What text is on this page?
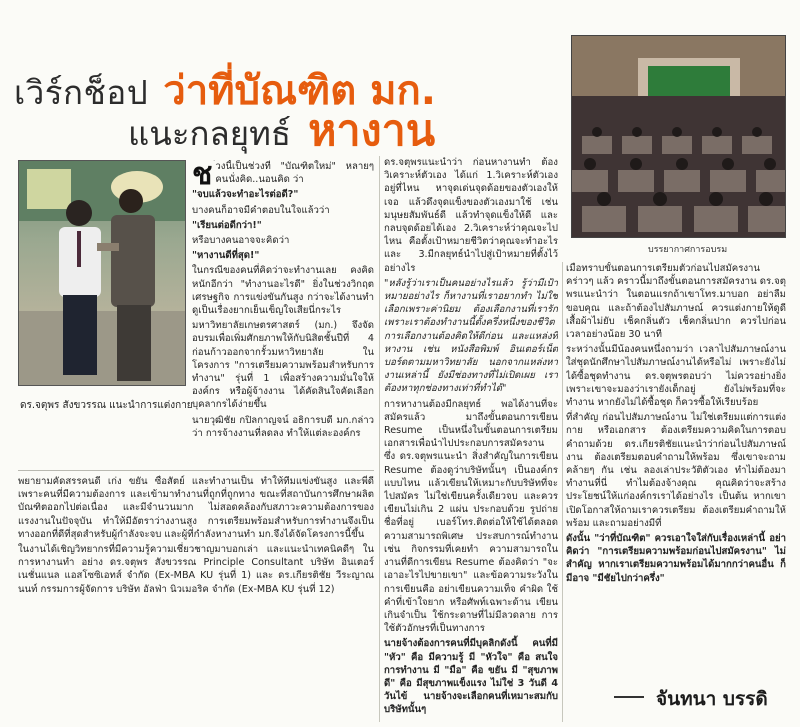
เวิร์กช็อป ว่าที่บัณฑิต มก.
แนะกลยุทธ์ หางาน
ดร.จตุพร สังขวรรณ แนะนำการแต่งกาย
บรรยากาศการอบรม

ช ่วงนี้เป็นช่วงที่ "บัณฑิตใหม่" หลายๆ คนนั่งคิด..นอนคิด ว่า

"จบแล้วจะทำอะไรต่อดี?"

บางคนก็อาจมีคำตอบในใจแล้วว่า

"เรียนต่อดีกว่า!"

หรือบางคนอาจจะคิดว่า

"หางานดีที่สุด!"

ในกรณีของคนที่คิดว่าจะทำงานเลย คงคิดหนักอีกว่า "ทำงานอะไรดี" ยิ่งในช่วงวิกฤตเศรษฐกิจ การแข่งขันกันสูง กว่าจะได้งานทำ ดูเป็นเรื่องยากเย็นเข็ญใจเสียนี่กระไร

มหาวิทยาลัยเกษตรศาสตร์ (มก.) จึงจัดอบรมเพื่อเพิ่มศักยภาพให้กับนิสิตชั้นปีที่ 4 ก่อนก้าวออกจากรั้วมหาวิทยาลัย ในโครงการ "การเตรียมความพร้อมสำหรับการทำงาน" รุ่นที่ 1 เพื่อสร้างความมั่นใจให้องค์กร หรือผู้จ้างงาน ได้คัดสินใจคัดเลือกบุคลากรได้ง่ายขึ้น

นายวุฒิชัย กปิลกาญจน์ อธิการบดี มก.กล่าวว่า การจ้างงานที่ลดลง ทำให้แต่ละองค์กร

พยายามคัดสรรคนดี เก่ง ขยัน ซื่อสัตย์ และทำงานเป็น ทำให้ทีมแข่งขันสูง และพี่ดีเพราะคนที่มีความต้องการ และเข้ามาทำงานที่ถูกที่ถูกทาง ขณะที่สถาบันการศึกษาผลิตบัณฑิตออกไปต่อเนื่อง และมีจำนวนมาก ไม่สอดคล้องกับสภาวะความต้องการของแรงงานในปัจจุบัน ทำให้มีอัตราว่างงานสูง การเตรียมพร้อมสำหรับการทำงานจึงเป็นทางออกที่ดีที่สุดสำหรับผู้กำลังจะจบ และผู้ที่กำลังหางานทำ มก.จึงได้จัดโครงการนี้ขึ้น

ในงานได้เชิญวิทยากรที่มีความรู้ความเชี่ยวชาญมาบอกเล่า และแนะนำเทคนิคดีๆ ในการหางานทำ อย่าง ดร.จตุพร สังขวรรณ Principle Consultant บริษัท อินเตอร์เนชั่นแนล แอสโซซิเอทส์ จำกัด (Ex-MBA KU รุ่นที่ 1) และ ดร.เกียรติชัย วีระญาณนนท์ กรรมการผู้จัดการ บริษัท อัลฟ่า นิวเมอริค จำกัด (Ex-MBA KU รุ่นที่ 12)

ดร.จตุพรแนะนำว่า ก่อนหางานทำ ต้องวิเคราะห์ตัวเอง ได้แก่ 1.วิเคราะห์ตัวเองอยู่ที่ไหน หาจุดเด่นจุดด้อยของตัวเองให้เจอ แล้วดึงจุดแข็งของตัวเองมาใช้ เช่น มนุษยสัมพันธ์ดี แล้วทำจุดแข็งให้ดี และกลบจุดด้อยได้เอง 2.วิเคราะห์ว่าคุณจะไปไหน คือตั้งเป้าหมายชีวิตว่าคุณจะทำอะไร และ 3.มีกลยุทธ์นำไปสู่เป้าหมายที่ตั้งไว้อย่างไร

"หลังรู้ว่าเราเป็นคนอย่างไรแล้ว รู้ว่ามีเป้าหมายอย่างไร ก็หางานที่เราอยากทำ ไม่ใช่เลือกเพราะค่านิยม ต้องเลือกงานที่เรารัก เพราะเราต้องทำงานนี้ตั้งครึ่งหนึ่งของชีวิต การเลือกงานต้องคิดให้ดีก่อน และแหล่งที่หางาน เช่น หนังสือพิมพ์ อินเตอร์เน็ต บอร์ดตามมหาวิทยาลัย นอกจากแหล่งหางานเหล่านี้ ยังมีช่องทางที่ไม่เปิดเผย เราต้องหาทุกช่องทางเท่าที่ทำได้"

การหางานต้องมีกลยุทธ์ พอได้งานที่จะสมัครแล้ว มาถึงขั้นตอนการเขียน Resume เป็นหนึ่งในขั้นตอนการเตรียมเอกสารเพื่อนำไปประกอบการสมัครงาน ซึ่ง ดร.จตุพรแนะนำ สิ่งสำคัญในการเขียน Resume ต้องดูว่าบริษัทนั้นๆ เป็นองค์กรแบบไหน แล้วเขียนให้เหมาะกับบริษัทที่จะไปสมัคร ไม่ใช่เขียนครั้งเดียวจบ และควรเขียนไม่เกิน 2 แผ่น ประกอบด้วย รูปถ่าย ชื่อที่อยู่ เบอร์โทร.ติดต่อให้ใช้ได้ตลอด ความสามารถพิเศษ ประสบการณ์ทำงาน เช่น กิจกรรมที่เคยทำ ความสามารถในงานที่ดีการเขียน Resume ต้องคิดว่า "จะเอาอะไรไปขายเขา" และข้อความระวังในการเขียนคือ อย่าเขียนความเท็จ คำผิด ใช้คำที่เข้าใจยาก หรือศัพท์เฉพาะด้าน เขียนเกินจำเป็น ใช้กระดาษที่ไม่มีลวดลาย การใช้ตัวอักษรที่เป็นทางการ

นายจ้างต้องการคนที่มีบุคลิกดังนี้ คนที่มี "หัว" คือ มีความรู้ มี "หัวใจ" คือ สนใจการทำงาน มี "มือ" คือ ขยัน มี "สุขภาพดี" คือ มีสุขภาพแข็งแรง ไม่ใช่ 3 วันดี 4 วันไข้ นายจ้างจะเลือกคนที่เหมาะสมกับบริษัทนั้นๆ

เมื่อทราบขั้นตอนการเตรียมตัวก่อนไปสมัครงานคร่าวๆ แล้ว คราวนี้มาถึงขั้นตอนการสมัครงาน ดร.จตุพรแนะนำว่า ในตอนแรกถ้าเขาโทร.มาบอก อย่าลืมขอบคุณ และถ้าต้องไปสัมภาษณ์ ควรแต่งกายให้ดูดี เสื้อผ้าไม่ยับ เช็คกลิ่นตัว เช็คกลิ่นปาก ควรไปก่อนเวลาอย่างน้อย 30 นาที

ระหว่างนั้นมีน้องคนหนึ่งถามว่า เวลาไปสัมภาษณ์งาน ใส่ชุดนักศึกษาไปสัมภาษณ์งานได้หรือไม่ เพราะยังไม่ได้ซื้อชุดทำงาน ดร.จตุพรตอบว่า ไม่ควรอย่างยิ่ง เพราะเขาจะมองว่าเรายังเด็กอยู่ ยังไม่พร้อมที่จะทำงาน หากยังไม่ได้ซื้อชุด ก็ควรซื้อให้เรียบร้อย

ที่สำคัญ ก่อนไปสัมภาษณ์งาน ไม่ใช่เตรียมแต่การแต่งกาย หรือเอกสาร ต้องเตรียมความคิดในการตอบคำถามด้วย ดร.เกียรติชัยแนะนำว่าก่อนไปสัมภาษณ์งาน ต้องเตรียมตอบคำถามให้พร้อม ซึ่งเขาจะถามคล้ายๆ กัน เช่น ลองเล่าประวัติตัวเอง ทำไม่ต้องมาทำงานที่นี่ ทำไมต้องจ้างคุณ คุณคิดว่าจะสร้างประโยชน์ให้แก่องค์กรเราได้อย่างไร เป็นต้น หากเขาเปิดโอกาสให้ถามเราควรเตรียม ต้องเตรียมคำถามให้พร้อม และถามอย่างมีที่

ดังนั้น "ว่าที่บัณฑิต" ควรเอาใจใส่กับเรื่องเหล่านี้ อย่าคิดว่า "การเตรียมความพร้อมก่อนไปสมัครงาน" ไม่สำคัญ หากเราเตรียมความพร้อมได้มากกว่าคนอื่น ก็มีอาจ "มีชัยไปกว่าครึ่ง"

จันทนา บรรดิ
